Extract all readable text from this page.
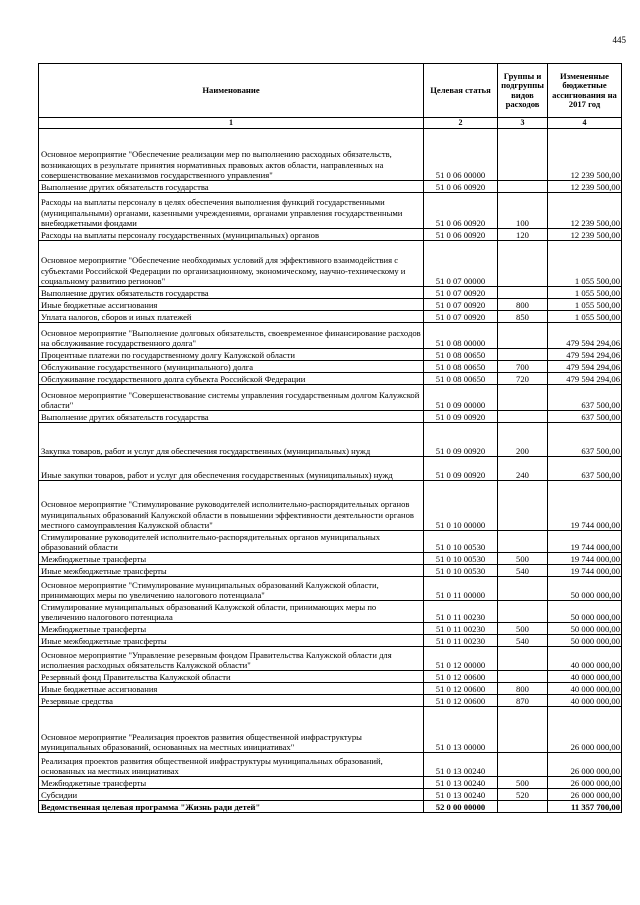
445
Наименование	Целевая статья	Группы и подгруппы видов расходов	Измененные бюджетные ассигнования на 2017 год
1	2	3	4
Основное мероприятие "Обеспечение реализации мер по выполнению расходных обязательств, возникающих в результате принятия нормативных правовых актов области, направленных на совершенствование механизмов государственного управления"	51 0 06 00000		12 239 500,00
Выполнение других обязательств государства	51 0 06 00920		12 239 500,00
Расходы на выплаты персоналу в целях обеспечения выполнения функций государственными (муниципальными) органами, казенными учреждениями, органами управления государственными внебюджетными фондами	51 0 06 00920	100	12 239 500,00
Расходы на выплаты персоналу государственных (муниципальных) органов	51 0 06 00920	120	12 239 500,00
Основное мероприятие "Обеспечение необходимых условий для эффективного взаимодействия с субъектами Российской Федерации по организационному, экономическому, научно-техническому и социальному развитию регионов"	51 0 07 00000		1 055 500,00
Выполнение других обязательств государства	51 0 07 00920		1 055 500,00
Иные бюджетные ассигнования	51 0 07 00920	800	1 055 500,00
Уплата налогов, сборов и иных платежей	51 0 07 00920	850	1 055 500,00
Основное мероприятие "Выполнение долговых обязательств, своевременное финансирование расходов на обслуживание государственного долга"	51 0 08 00000		479 594 294,06
Процентные платежи по государственному долгу Калужской области	51 0 08 00650		479 594 294,06
Обслуживание государственного (муниципального) долга	51 0 08 00650	700	479 594 294,06
Обслуживание государственного долга субъекта Российской Федерации	51 0 08 00650	720	479 594 294,06
Основное мероприятие "Совершенствование системы управления государственным долгом Калужской области"	51 0 09 00000		637 500,00
Выполнение других обязательств государства	51 0 09 00920		637 500,00
Закупка товаров, работ и услуг для обеспечения государственных (муниципальных) нужд	51 0 09 00920	200	637 500,00
Иные закупки товаров, работ и услуг для обеспечения государственных (муниципальных) нужд	51 0 09 00920	240	637 500,00
Основное мероприятие "Стимулирование руководителей исполнительно-распорядительных органов муниципальных образований Калужской области в повышении эффективности деятельности органов местного самоуправления Калужской области"	51 0 10 00000		19 744 000,00
Стимулирование руководителей исполнительно-распорядительных органов муниципальных образований области	51 0 10 00530		19 744 000,00
Межбюджетные трансферты	51 0 10 00530	500	19 744 000,00
Иные межбюджетные трансферты	51 0 10 00530	540	19 744 000,00
Основное мероприятие "Стимулирование муниципальных образований Калужской области, принимающих меры по увеличению налогового потенциала"	51 0 11 00000		50 000 000,00
Стимулирование муниципальных образований Калужской области, принимающих меры по увеличению налогового потенциала	51 0 11 00230		50 000 000,00
Межбюджетные трансферты	51 0 11 00230	500	50 000 000,00
Иные межбюджетные трансферты	51 0 11 00230	540	50 000 000,00
Основное мероприятие "Управление резервным фондом Правительства Калужской области для исполнения расходных обязательств Калужской области"	51 0 12 00000		40 000 000,00
Резервный фонд Правительства Калужской области	51 0 12 00600		40 000 000,00
Иные бюджетные ассигнования	51 0 12 00600	800	40 000 000,00
Резервные средства	51 0 12 00600	870	40 000 000,00
Основное мероприятие "Реализация проектов развития общественной инфраструктуры муниципальных образований, основанных на местных инициативах"	51 0 13 00000		26 000 000,00
Реализация проектов развития общественной инфраструктуры муниципальных образований, основанных на местных инициативах	51 0 13 00240		26 000 000,00
Межбюджетные трансферты	51 0 13 00240	500	26 000 000,00
Субсидии	51 0 13 00240	520	26 000 000,00
Ведомственная целевая программа "Жизнь ради детей"	52 0 00 00000		11 357 700,00
